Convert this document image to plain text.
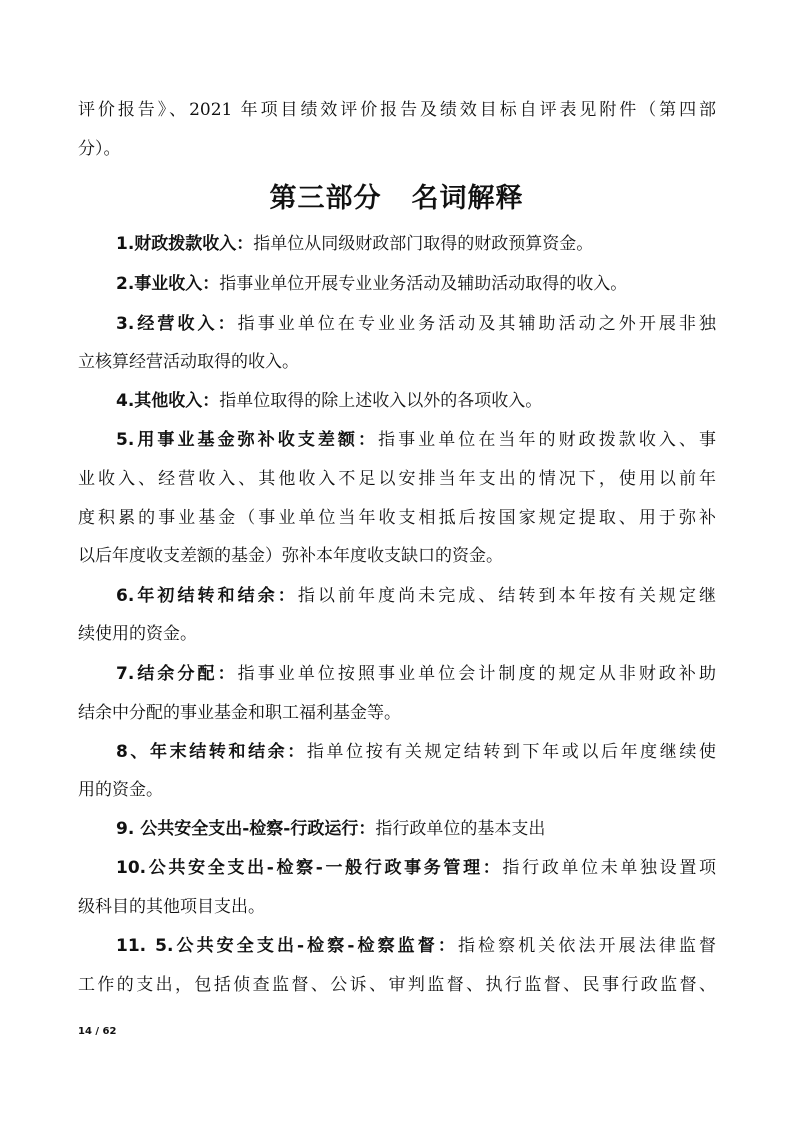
评价报告》、2021 年项目绩效评价报告及绩效目标自评表见附件（第四部
分）。
第三部分 名词解释
1.财政拨款收入：指单位从同级财政部门取得的财政预算资金。
2.事业收入：指事业单位开展专业业务活动及辅助活动取得的收入。
3.经营收入：指事业单位在专业业务活动及其辅助活动之外开展非独
立核算经营活动取得的收入。
4.其他收入：指单位取得的除上述收入以外的各项收入。
5.用事业基金弥补收支差额：指事业单位在当年的财政拨款收入、事
业收入、经营收入、其他收入不足以安排当年支出的情况下，使用以前年
度积累的事业基金（事业单位当年收支相抵后按国家规定提取、用于弥补
以后年度收支差额的基金）弥补本年度收支缺口的资金。
6.年初结转和结余：指以前年度尚未完成、结转到本年按有关规定继
续使用的资金。
7.结余分配：指事业单位按照事业单位会计制度的规定从非财政补助
结余中分配的事业基金和职工福利基金等。
8、年末结转和结余：指单位按有关规定结转到下年或以后年度继续使
用的资金。
9. 公共安全支出-检察-行政运行：指行政单位的基本支出
10.公共安全支出-检察-一般行政事务管理：指行政单位未单独设置项
级科目的其他项目支出。
11. 5.公共安全支出-检察-检察监督：指检察机关依法开展法律监督
工作的支出，包括侦查监督、公诉、审判监督、执行监督、民事行政监督、
14 / 62
